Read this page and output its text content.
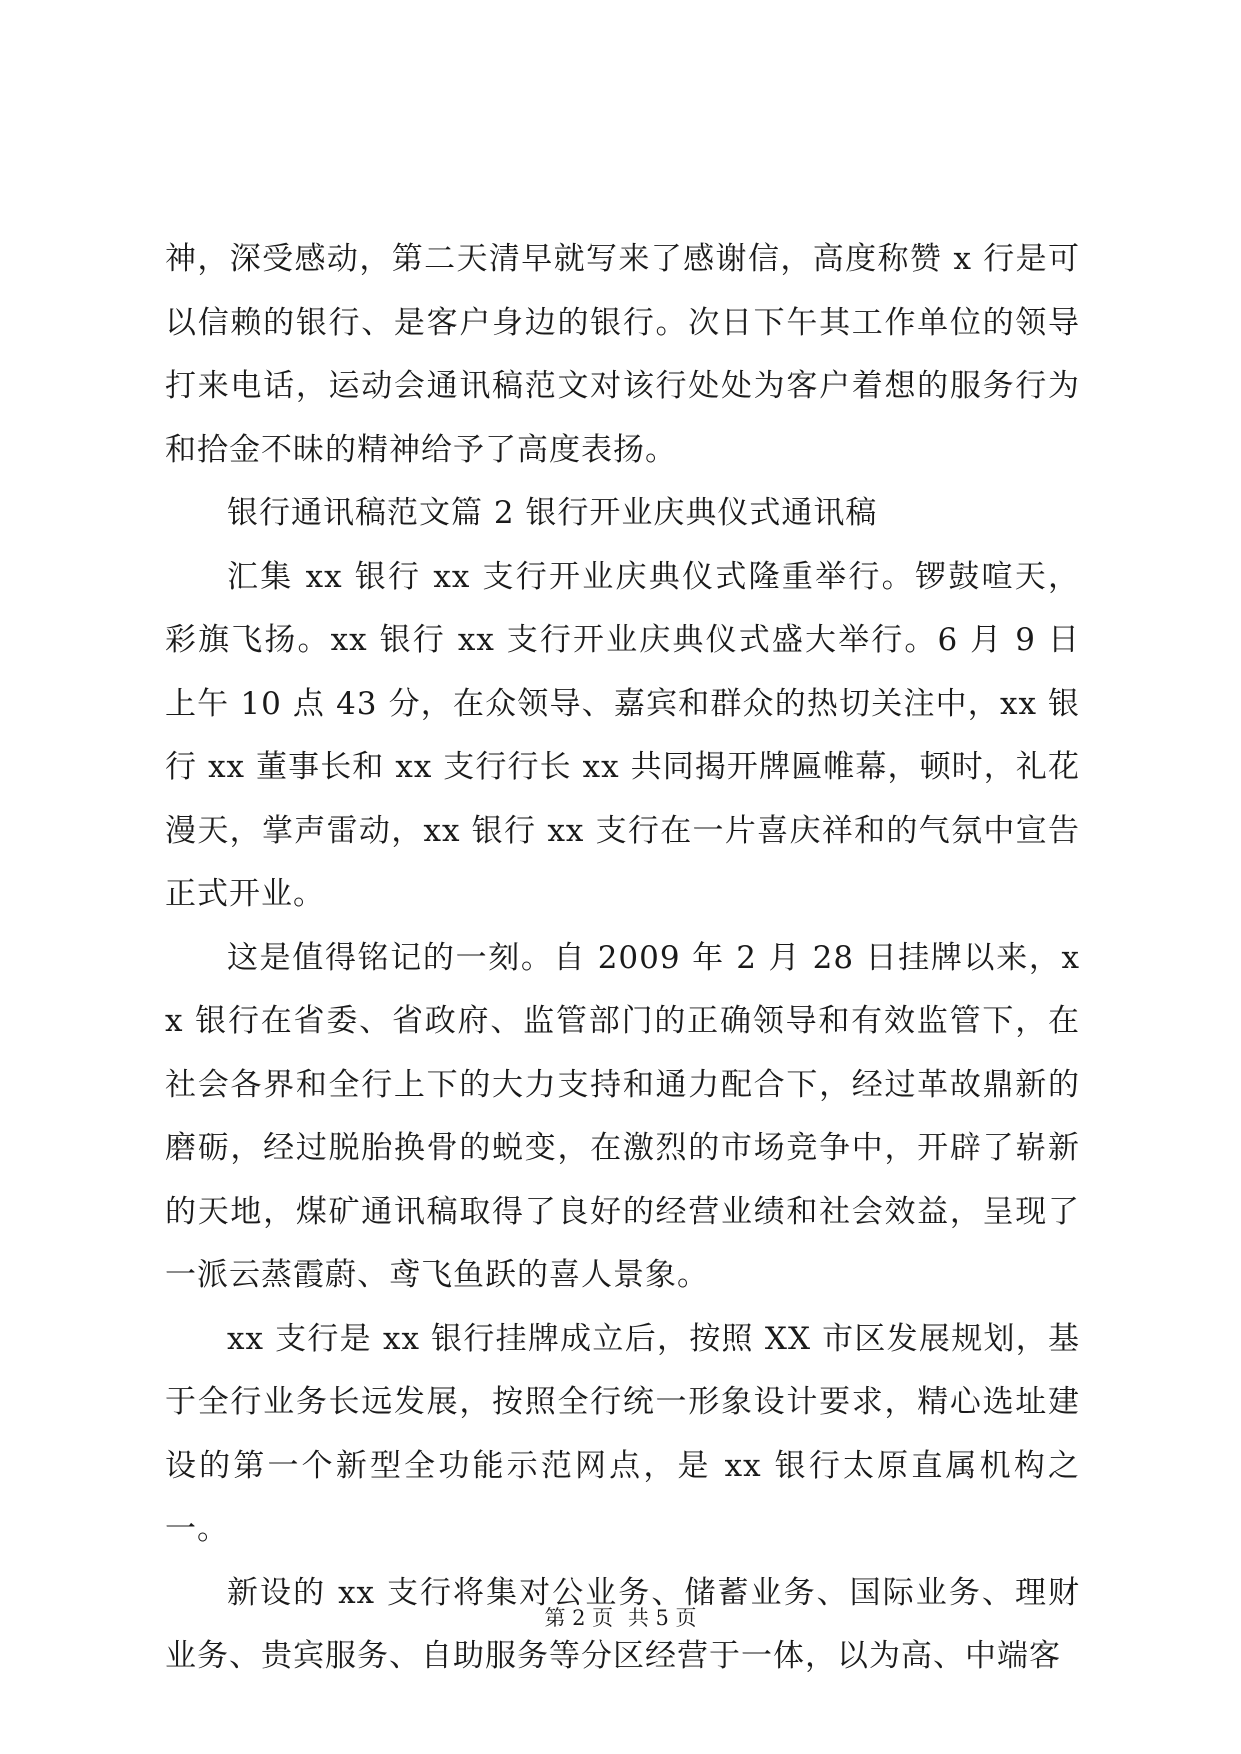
神，深受感动，第二天清早就写来了感谢信，高度称赞 x 行是可以信赖的银行、是客户身边的银行。次日下午其工作单位的领导打来电话，运动会通讯稿范文对该行处处为客户着想的服务行为和拾金不昧的精神给予了高度表扬。

银行通讯稿范文篇 2 银行开业庆典仪式通讯稿

汇集 xx 银行 xx 支行开业庆典仪式隆重举行。锣鼓喧天，彩旗飞扬。xx 银行 xx 支行开业庆典仪式盛大举行。6 月 9 日上午 10 点 43 分，在众领导、嘉宾和群众的热切关注中，xx 银行 xx 董事长和 xx 支行行长 xx 共同揭开牌匾帷幕，顿时，礼花漫天，掌声雷动，xx 银行 xx 支行在一片喜庆祥和的气氛中宣告正式开业。

这是值得铭记的一刻。自 2009 年 2 月 28 日挂牌以来，xx 银行在省委、省政府、监管部门的正确领导和有效监管下，在社会各界和全行上下的大力支持和通力配合下，经过革故鼎新的磨砺，经过脱胎换骨的蜕变，在激烈的市场竞争中，开辟了崭新的天地，煤矿通讯稿取得了良好的经营业绩和社会效益，呈现了一派云蒸霞蔚、鸢飞鱼跃的喜人景象。

xx 支行是 xx 银行挂牌成立后，按照 XX 市区发展规划，基于全行业务长远发展，按照全行统一形象设计要求，精心选址建设的第一个新型全功能示范网点，是 xx 银行太原直属机构之一。

新设的 xx 支行将集对公业务、储蓄业务、国际业务、理财业务、贵宾服务、自助服务等分区经营于一体，以为高、中端客

第 2 页 共 5 页
